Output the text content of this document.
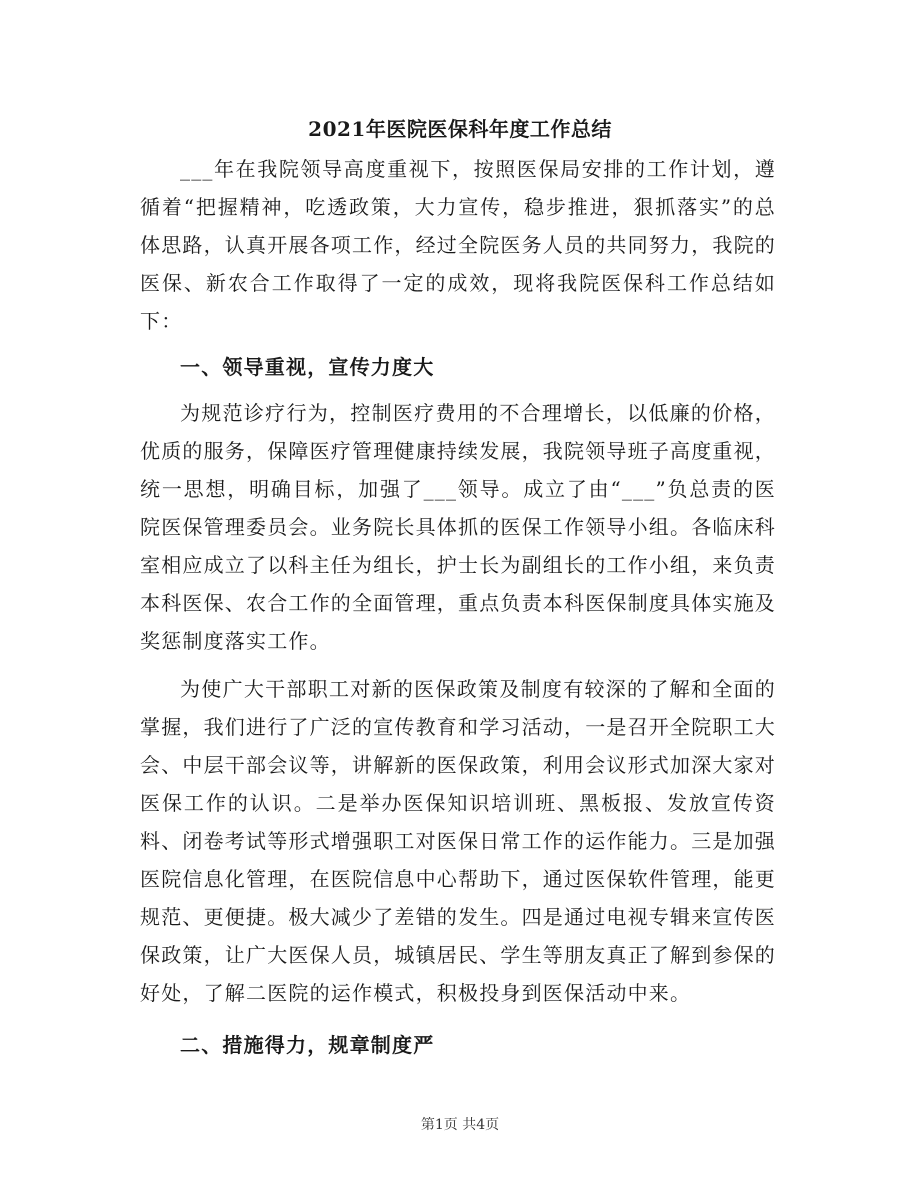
2021年医院医保科年度工作总结

___年在我院领导高度重视下，按照医保局安排的工作计划，遵循着“把握精神，吃透政策，大力宣传，稳步推进，狠抓落实”的总体思路，认真开展各项工作，经过全院医务人员的共同努力，我院的医保、新农合工作取得了一定的成效，现将我院医保科工作总结如下：

一、领导重视，宣传力度大

为规范诊疗行为，控制医疗费用的不合理增长，以低廉的价格，优质的服务，保障医疗管理健康持续发展，我院领导班子高度重视，统一思想，明确目标，加强了___领导。成立了由“___”负总责的医院医保管理委员会。业务院长具体抓的医保工作领导小组。各临床科室相应成立了以科主任为组长，护士长为副组长的工作小组，来负责本科医保、农合工作的全面管理，重点负责本科医保制度具体实施及奖惩制度落实工作。

为使广大干部职工对新的医保政策及制度有较深的了解和全面的掌握，我们进行了广泛的宣传教育和学习活动，一是召开全院职工大会、中层干部会议等，讲解新的医保政策，利用会议形式加深大家对医保工作的认识。二是举办医保知识培训班、黑板报、发放宣传资料、闭卷考试等形式增强职工对医保日常工作的运作能力。三是加强医院信息化管理，在医院信息中心帮助下，通过医保软件管理，能更规范、更便捷。极大减少了差错的发生。四是通过电视专辑来宣传医保政策，让广大医保人员，城镇居民、学生等朋友真正了解到参保的好处，了解二医院的运作模式，积极投身到医保活动中来。

二、措施得力，规章制度严
第1页 共4页
